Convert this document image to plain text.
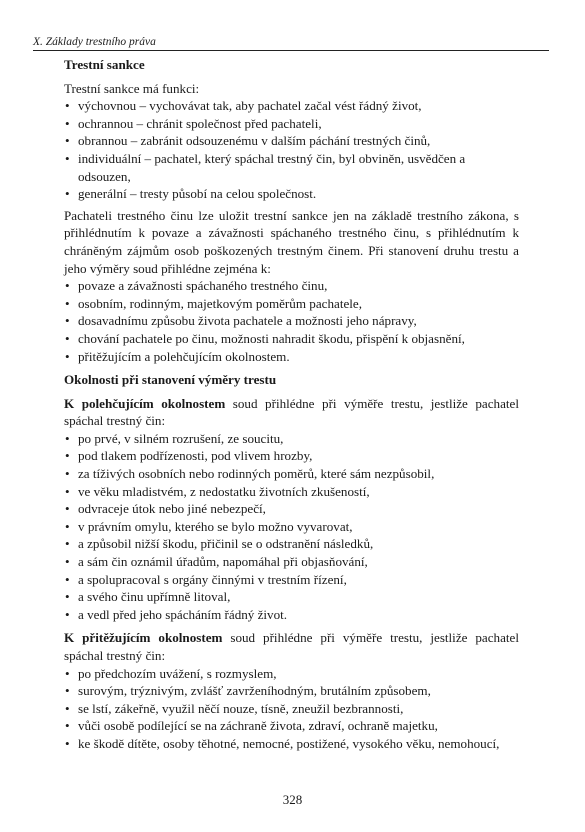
X. Základy trestního práva
Trestní sankce

Trestní sankce má funkci:

• výchovnou – vychovávat tak, aby pachatel začal vést řádný život,
• ochrannou – chránit společnost před pachateli,
• obrannou – zabránit odsouzenému v dalším páchání trestných činů,
• individuální – pachatel, který spáchal trestný čin, byl obviněn, usvědčen a odsouzen,
• generální – tresty působí na celou společnost.

Pachateli trestného činu lze uložit trestní sankce jen na základě trestního zákona, s přihlédnutím k povaze a závažnosti spáchaného trestného činu, s přihlédnutím k chráněným zájmům osob poškozených trestným činem. Při stanovení druhu trestu a jeho výměry soud přihlédne zejména k:

• povaze a závažnosti spáchaného trestného činu,
• osobním, rodinným, majetkovým poměrům pachatele,
• dosavadnímu způsobu života pachatele a možnosti jeho nápravy,
• chování pachatele po činu, možnosti nahradit škodu, přispění k objasnění,
• přitěžujícím a polehčujícím okolnostem.
Okolnosti při stanovení výměry trestu

K polehčujícím okolnostem soud přihlédne při výměře trestu, jestliže pachatel spáchal trestný čin:

• po prvé, v silném rozrušení, ze soucitu,
• pod tlakem podřízenosti, pod vlivem hrozby,
• za tíživých osobních nebo rodinných poměrů, které sám nezpůsobil,
• ve věku mladistvém, z nedostatku životních zkušeností,
• odvraceje útok nebo jiné nebezpečí,
• v právním omylu, kterého se bylo možno vyvarovat,
• a způsobil nižší škodu, přičinil se o odstranění následků,
• a sám čin oznámil úřadům, napomáhal při objasňování,
• a spolupracoval s orgány činnými v trestním řízení,
• a svého činu upřímně litoval,
• a vedl před jeho spácháním řádný život.

K přitěžujícím okolnostem soud přihlédne při výměře trestu, jestliže pachatel spáchal trestný čin:

• po předchozím uvážení, s rozmyslem,
• surovým, trýznivým, zvlášť zavrženíhodným, brutálním způsobem,
• se lstí, zákeřně, využil něčí nouze, tísně, zneužil bezbrannosti,
• vůči osobě podílející se na záchraně života, zdraví, ochraně majetku,
• ke škodě dítěte, osoby těhotné, nemocné, postižené, vysokého věku, nemohoucí,
328
